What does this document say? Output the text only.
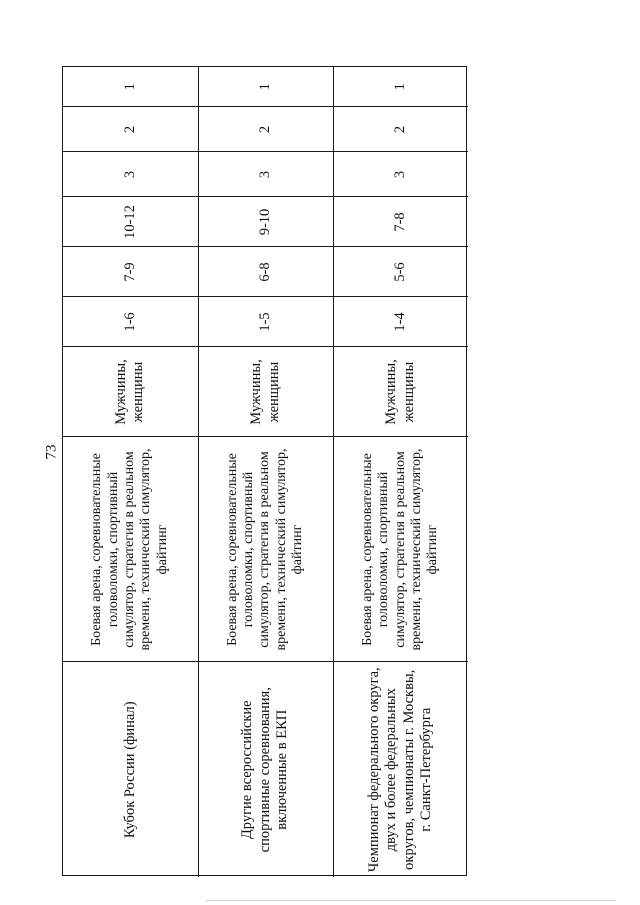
73
Кубок России (финал)	Боевая арена, соревновательные головоломки, спортивный симулятор, стратегия в реальном времени, технический симулятор, файтинг	Мужчины, женщины	1-6	7-9	10-12	3	2	1
Другие всероссийские спортивные соревнования, включенные в ЕКП	Боевая арена, соревновательные головоломки, спортивный симулятор, стратегия в реальном времени, технический симулятор, файтинг	Мужчины, женщины	1-5	6-8	9-10	3	2	1
Чемпионат федерального округа, двух и более федеральных округов, чемпионаты г. Москвы, г. Санкт-Петербурга	Боевая арена, соревновательные головоломки, спортивный симулятор, стратегия в реальном времени, технический симулятор, файтинг	Мужчины, женщины	1-4	5-6	7-8	3	2	1
